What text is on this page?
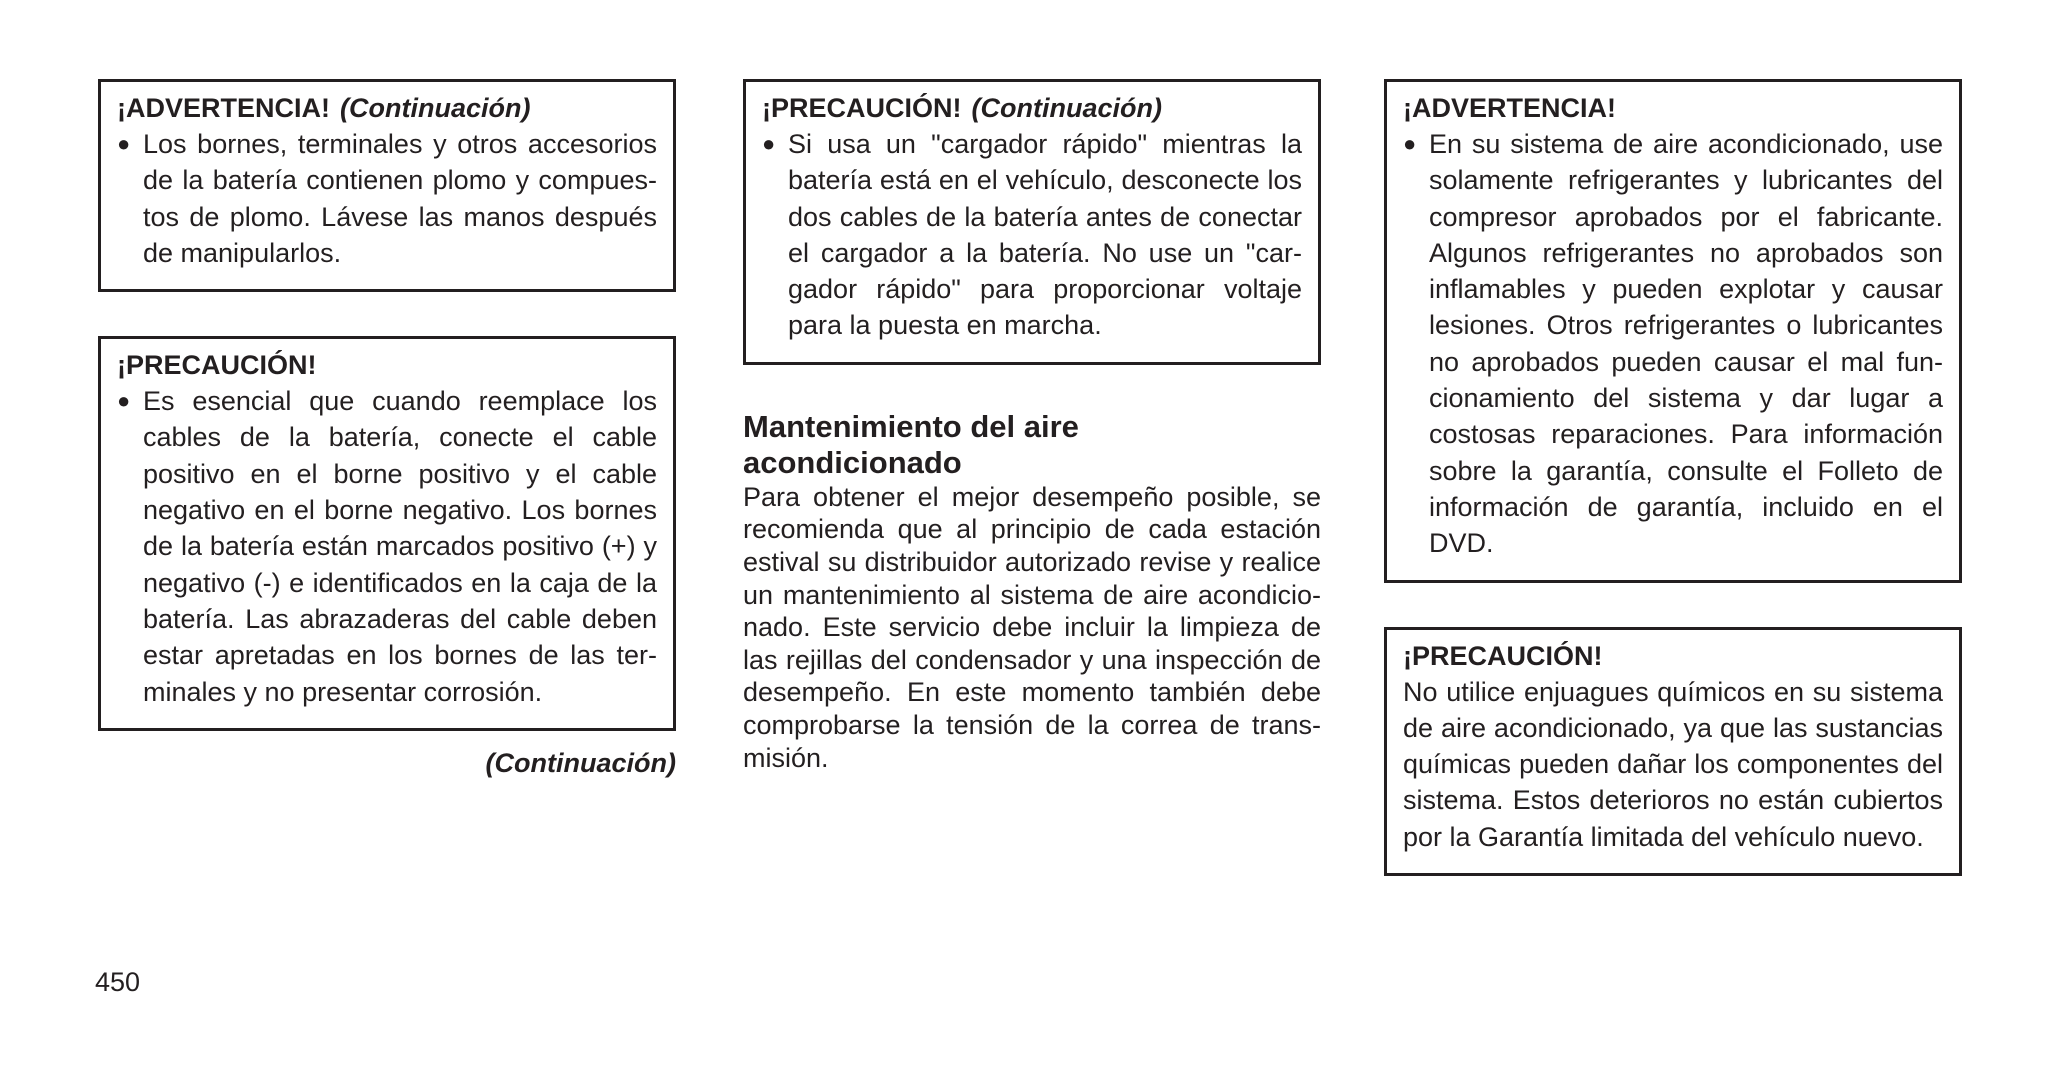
¡ADVERTENCIA! (Continuación)
● Los bornes, terminales y otros accesorios de la batería contienen plomo y compuestos de plomo. Lávese las manos después de manipularlos.
¡PRECAUCIÓN!
● Es esencial que cuando reemplace los cables de la batería, conecte el cable positivo en el borne positivo y el cable negativo en el borne negativo. Los bornes de la batería están marcados positivo (+) y negativo (-) e identificados en la caja de la batería. Las abrazaderas del cable deben estar apretadas en los bornes de las terminales y no presentar corrosión.
(Continuación)
¡PRECAUCIÓN! (Continuación)
● Si usa un "cargador rápido" mientras la batería está en el vehículo, desconecte los dos cables de la batería antes de conectar el cargador a la batería. No use un "cargador rápido" para proporcionar voltaje para la puesta en marcha.
Mantenimiento del aire
acondicionado
Para obtener el mejor desempeño posible, se recomienda que al principio de cada estación estival su distribuidor autorizado revise y realice un mantenimiento al sistema de aire acondicionado. Este servicio debe incluir la limpieza de las rejillas del condensador y una inspección de desempeño. En este momento también debe comprobarse la tensión de la correa de transmisión.
¡ADVERTENCIA!
● En su sistema de aire acondicionado, use solamente refrigerantes y lubricantes del compresor aprobados por el fabricante. Algunos refrigerantes no aprobados son inflamables y pueden explotar y causar lesiones. Otros refrigerantes o lubricantes no aprobados pueden causar el mal funcionamiento del sistema y dar lugar a costosas reparaciones. Para información sobre la garantía, consulte el Folleto de información de garantía, incluido en el DVD.
¡PRECAUCIÓN!
No utilice enjuagues químicos en su sistema de aire acondicionado, ya que las sustancias químicas pueden dañar los componentes del sistema. Estos deterioros no están cubiertos por la Garantía limitada del vehículo nuevo.
450
